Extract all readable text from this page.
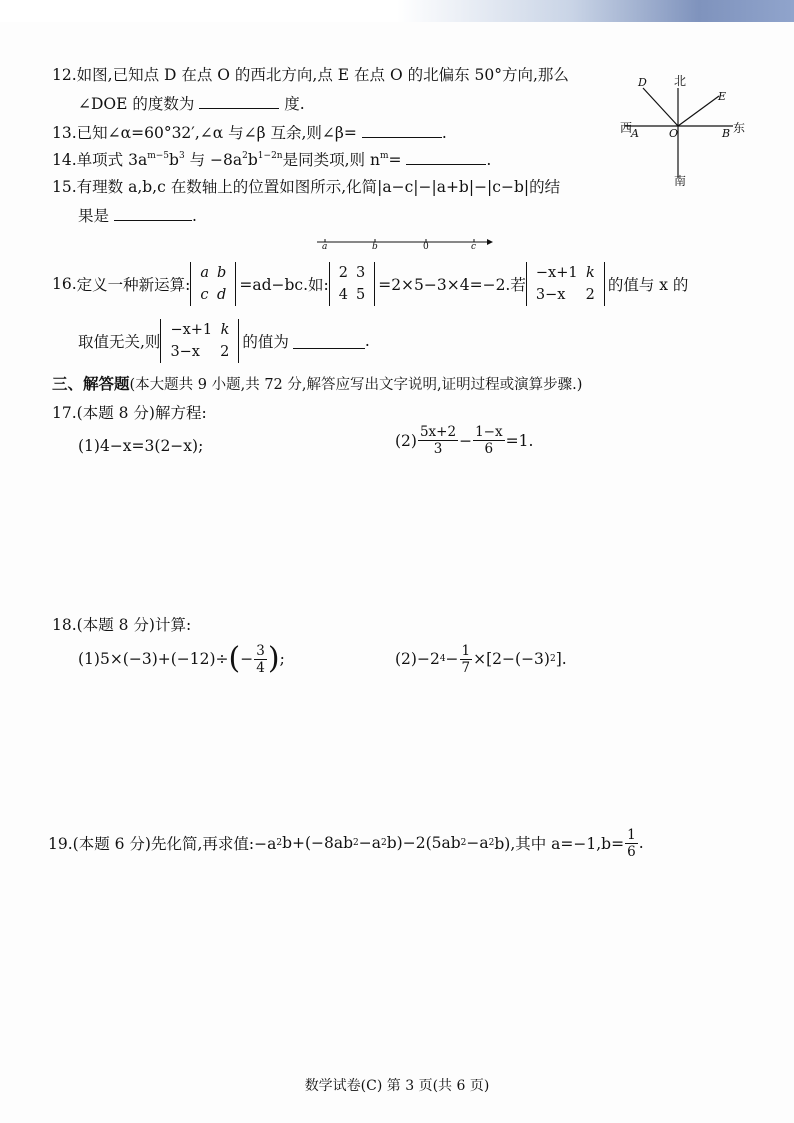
12.如图,已知点 D 在点 O 的西北方向,点 E 在点 O 的北偏东 50°方向,那么
∠DOE 的度数为	度.
13.已知∠α=60°32′,∠α 与∠β 互余,则∠β=	.
14.单项式 $3a^{m-5}b^3$ 与 $-8a^2b^{1-2n}$是同类项,则 $n^m=$	.
15.有理数 a,b,c 在数轴上的位置如图所示,化简|a−c|−|a+b|−|c−b|的结
果是	.
北
南
西	东
D
E
A	O	B
a	b	0	c
16. 定义一种新运算:
a	b
c	d
=ad−bc.如:
2	3
4	5
=2×5−3×4=−2.若
−x+1	k
3−x	2
的值与 x 的
取值无关,则
−x+1	k
3−x	2
的值为	.
三、解答题(本大题共 9 小题,共 72 分,解答应写出文字说明,证明过程或演算步骤.)
17.(本题 8 分)解方程:
(1)4−x=3(2−x);	$(2) \frac{5x+2}{3} - \frac{1-x}{6} =1$.
18.(本题 8 分)计算:
(1)5×(−3)+(−12)÷ ( − $\frac{3}{4}$ ) ;	(2)−2 $4 - \frac{1}{7} \times[2-(-3)$ 2 ].
19.(本题 6 分)先化简,再求值:−a 2 b+(−8ab 2 −a 2 b)−2(5ab 2 −a 2 b),其中 $a=-1,b= \frac{1}{6}$ .
数学试卷(C) 第 3 页(共 6 页)
